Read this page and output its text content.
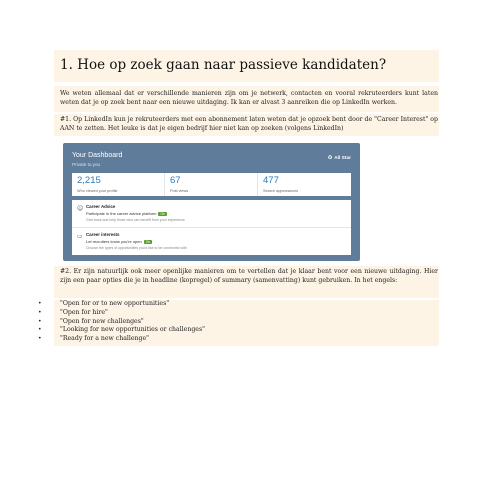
1. Hoe op zoek gaan naar passieve kandidaten?

We weten allemaal dat er verschillende manieren zijn om je netwerk, contacten en vooral rekruteerders kunt laten weten dat je op zoek bent naar een nieuwe uitdaging. Ik kan er alvast 3 aanreiken die op LinkedIn werken.

#1. Op LinkedIn kun je rekruteerders met een abonnement laten weten dat je opzoek bent door de "Career Interest" op AAN te zetten. Het leuke is dat je eigen bedrijf hier niet kan op zoeken (volgens LinkedIn)

Your Dashboard
Private to you
✪ All Star
2,215
Who viewed your profile
67
Post views
477
Search appearances
☺ Career Advice
Participate in the career advice platform On
Give back and help those who can benefit from your experience
▭ Career interests
Let recruiters know you're open On
Choose the types of opportunities you'd like to be connected with

#2. Er zijn natuurlijk ook meer openlijke manieren om te vertellen dat je klaar bent voor een nieuwe uitdaging. Hier zijn een paar opties die je in headline (kopregel) of summary (samenvatting) kunt gebruiken. In het engels:

•	"Open for or to new opportunities"
•	"Open for hire"
•	"Open for new challenges"
•	"Looking for new opportunities or challenges"
•	"Ready for a new challenge"
